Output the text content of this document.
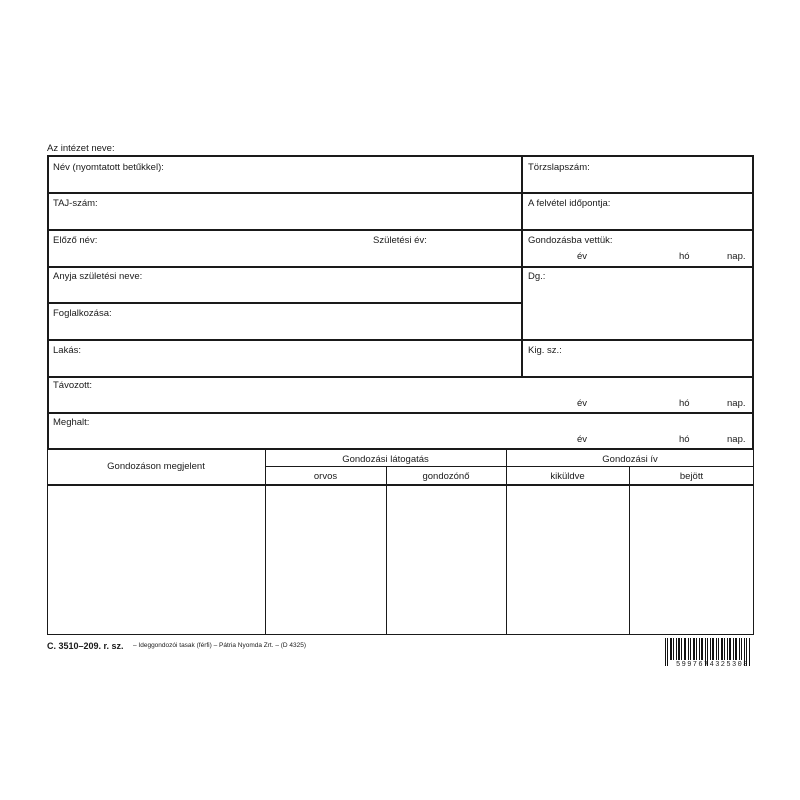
Az intézet neve:
Név (nyomtatott betűkkel):	Törzslapszám:
TAJ-szám:	A felvétel időpontja:
Előző név:	Születési év:	Gondozásba vettük:
év	hó	nap.
Anyja születési neve:	Dg.:
Foglalkozása:
Lakás:	Kig. sz.:
Távozott:
év	hó	nap.
Meghalt:
év	hó	nap.
Gondozáson megjelent
Gondozási látogatás	Gondozási ív
orvos	gondozónő	kiküldve	bejött
C. 3510–209. r. sz. – Ideggondozói tasak (férfi) – Pátria Nyomda Zrt. – (D 4325)
5997674325308
